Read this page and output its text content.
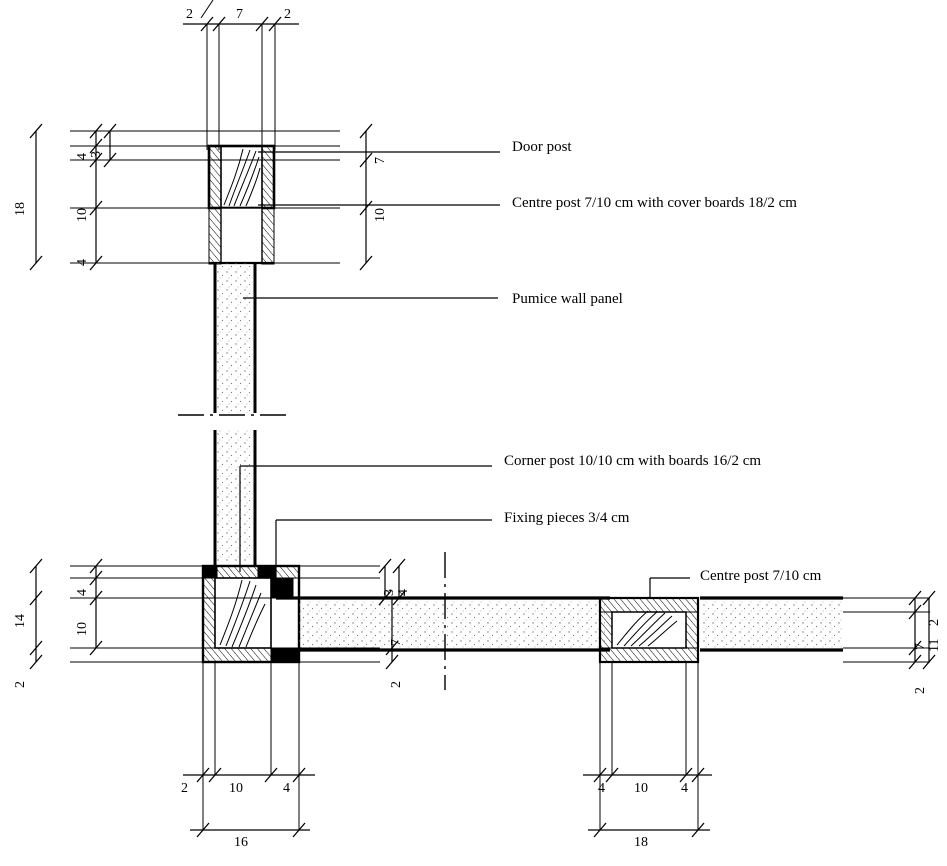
Door post
Centre post 7/10 cm with cover boards 18/2 cm
Pumice wall panel
Corner post 10/10 cm with boards 16/2 cm
Fixing pieces 3/4 cm
Centre post 7/10 cm
2	7	2
18
4 3
10
4
7
10
14
10
4
2
3 4
7
2
2
7 11
2
2	10	4
16
4 10 4
18
